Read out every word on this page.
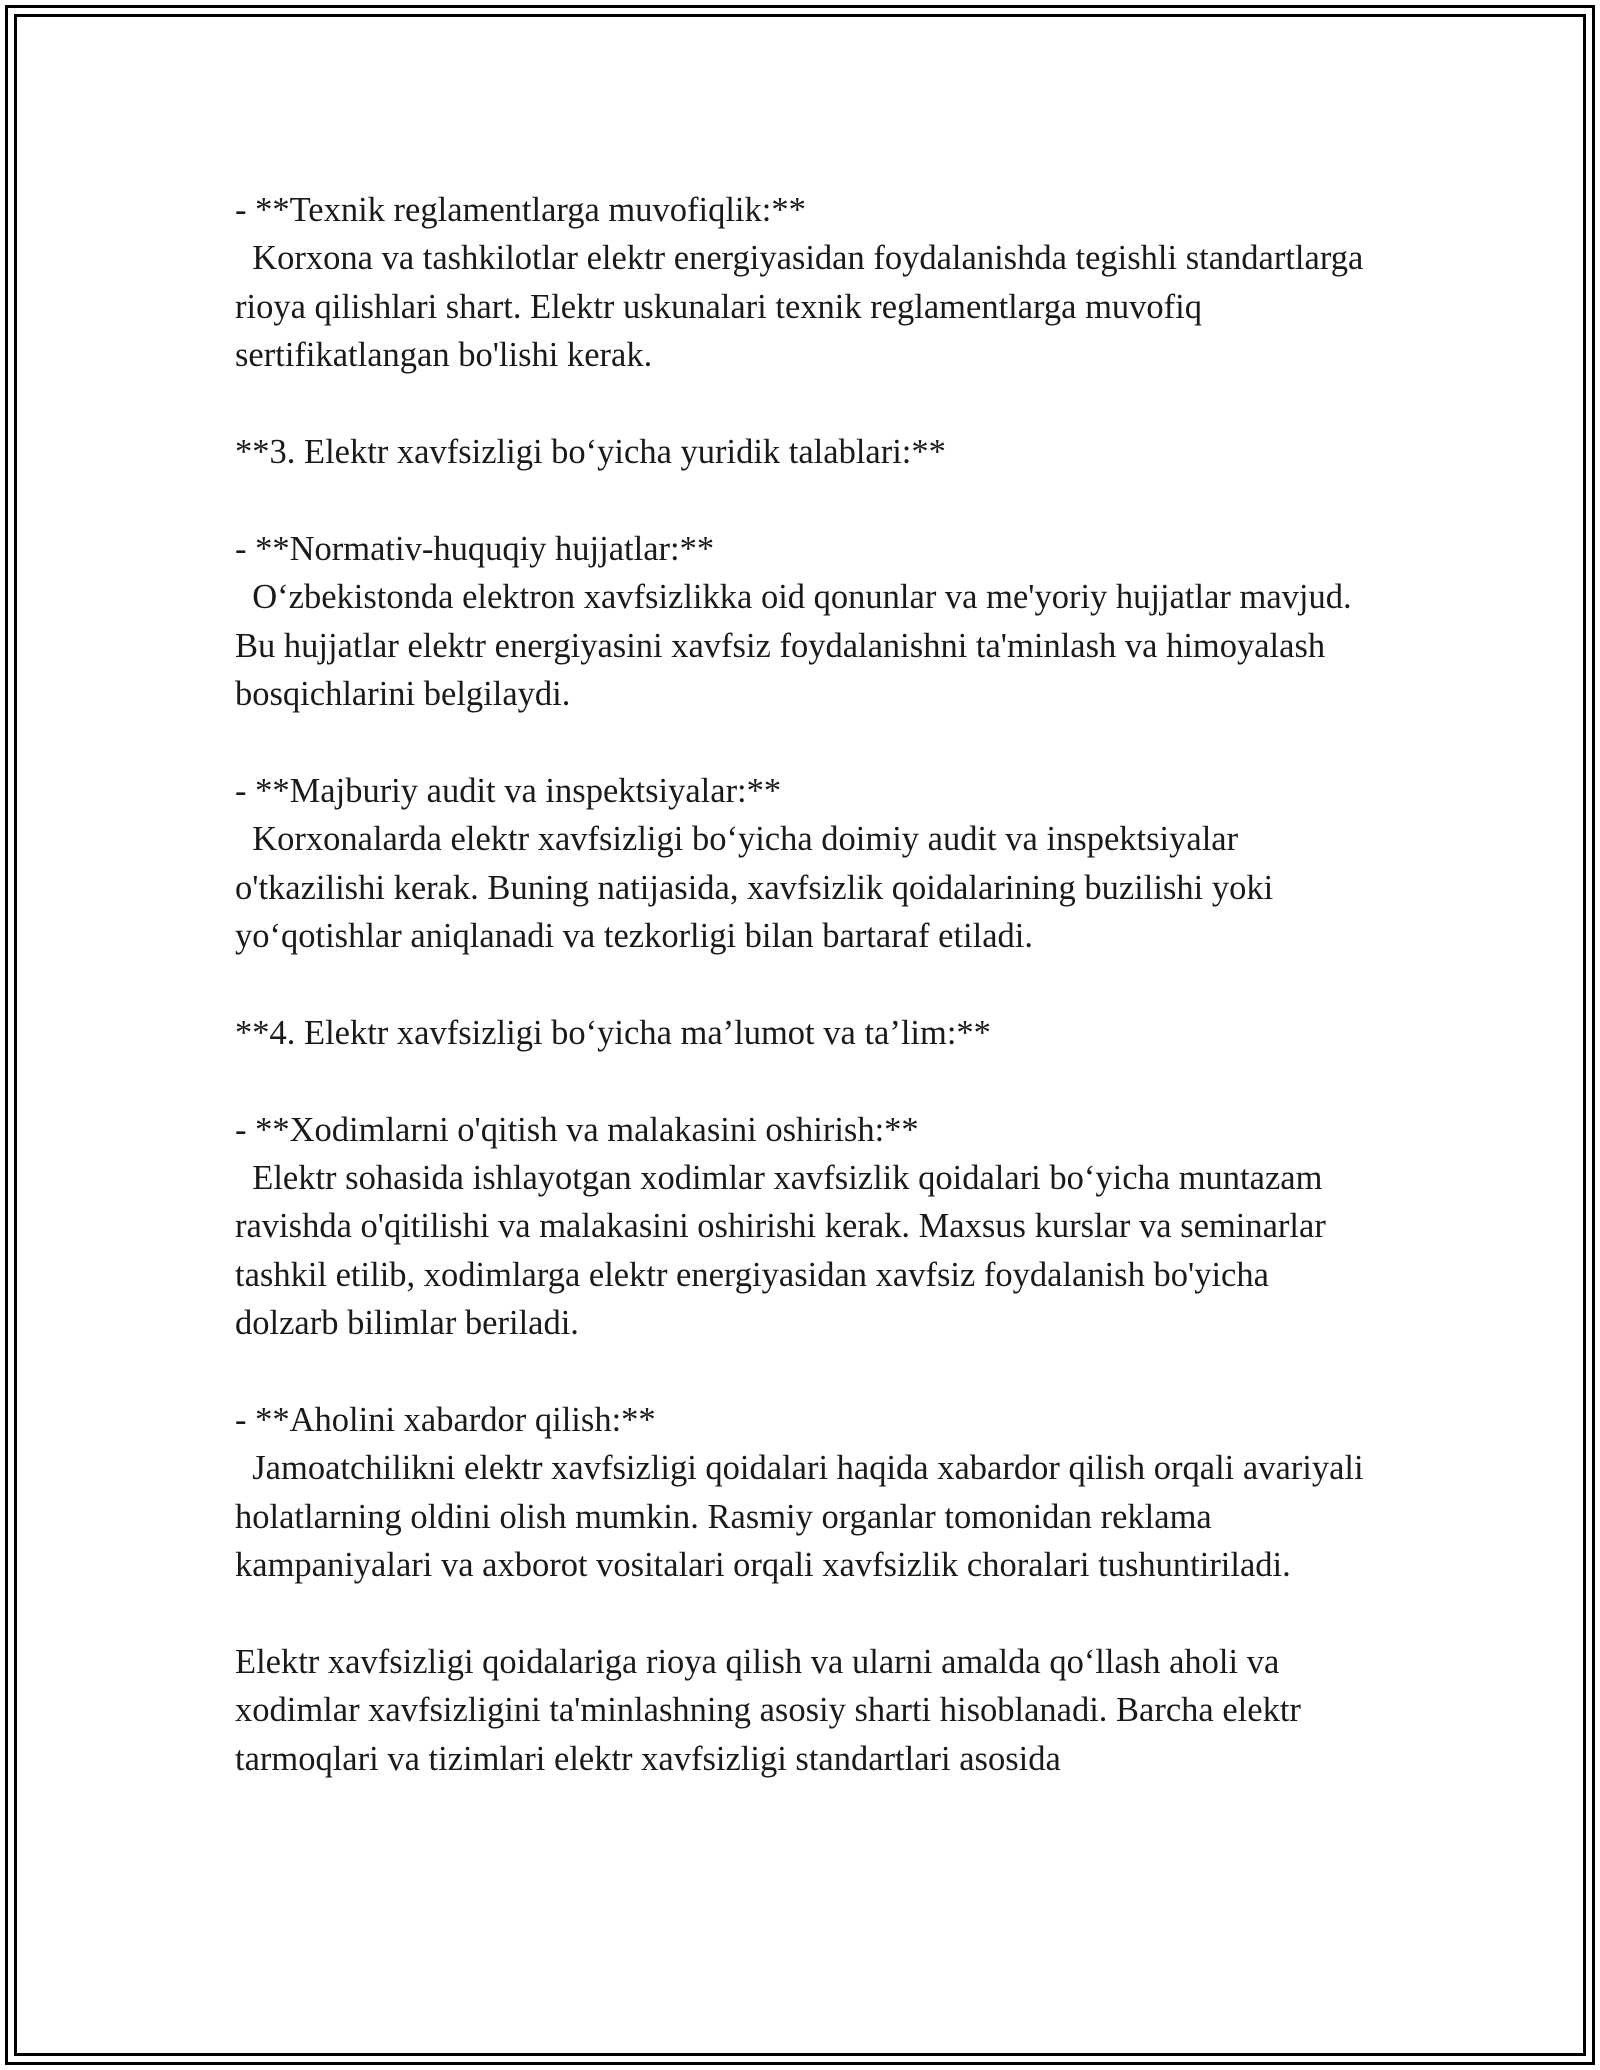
- **Texnik reglamentlarga muvofiqlik:**

Korxona va tashkilotlar elektr energiyasidan foydalanishda tegishli standartlarga rioya qilishlari shart. Elektr uskunalari texnik reglamentlarga muvofiq sertifikatlangan bo'lishi kerak.

**3. Elektr xavfsizligi bo‘yicha yuridik talablari:**

- **Normativ-huquqiy hujjatlar:**

O‘zbekistonda elektron xavfsizlikka oid qonunlar va me'yoriy hujjatlar mavjud. Bu hujjatlar elektr energiyasini xavfsiz foydalanishni ta'minlash va himoyalash bosqichlarini belgilaydi.

- **Majburiy audit va inspektsiyalar:**

Korxonalarda elektr xavfsizligi bo‘yicha doimiy audit va inspektsiyalar o'tkazilishi kerak. Buning natijasida, xavfsizlik qoidalarining buzilishi yoki yo‘qotishlar aniqlanadi va tezkorligi bilan bartaraf etiladi.

**4. Elektr xavfsizligi bo‘yicha ma’lumot va ta’lim:**

- **Xodimlarni o'qitish va malakasini oshirish:**

Elektr sohasida ishlayotgan xodimlar xavfsizlik qoidalari bo‘yicha muntazam ravishda o'qitilishi va malakasini oshirishi kerak. Maxsus kurslar va seminarlar tashkil etilib, xodimlarga elektr energiyasidan xavfsiz foydalanish bo'yicha dolzarb bilimlar beriladi.

- **Aholini xabardor qilish:**

Jamoatchilikni elektr xavfsizligi qoidalari haqida xabardor qilish orqali avariyali holatlarning oldini olish mumkin. Rasmiy organlar tomonidan reklama kampaniyalari va axborot vositalari orqali xavfsizlik choralari tushuntiriladi.

Elektr xavfsizligi qoidalariga rioya qilish va ularni amalda qo‘llash aholi va xodimlar xavfsizligini ta'minlashning asosiy sharti hisoblanadi. Barcha elektr tarmoqlari va tizimlari elektr xavfsizligi standartlari asosida
